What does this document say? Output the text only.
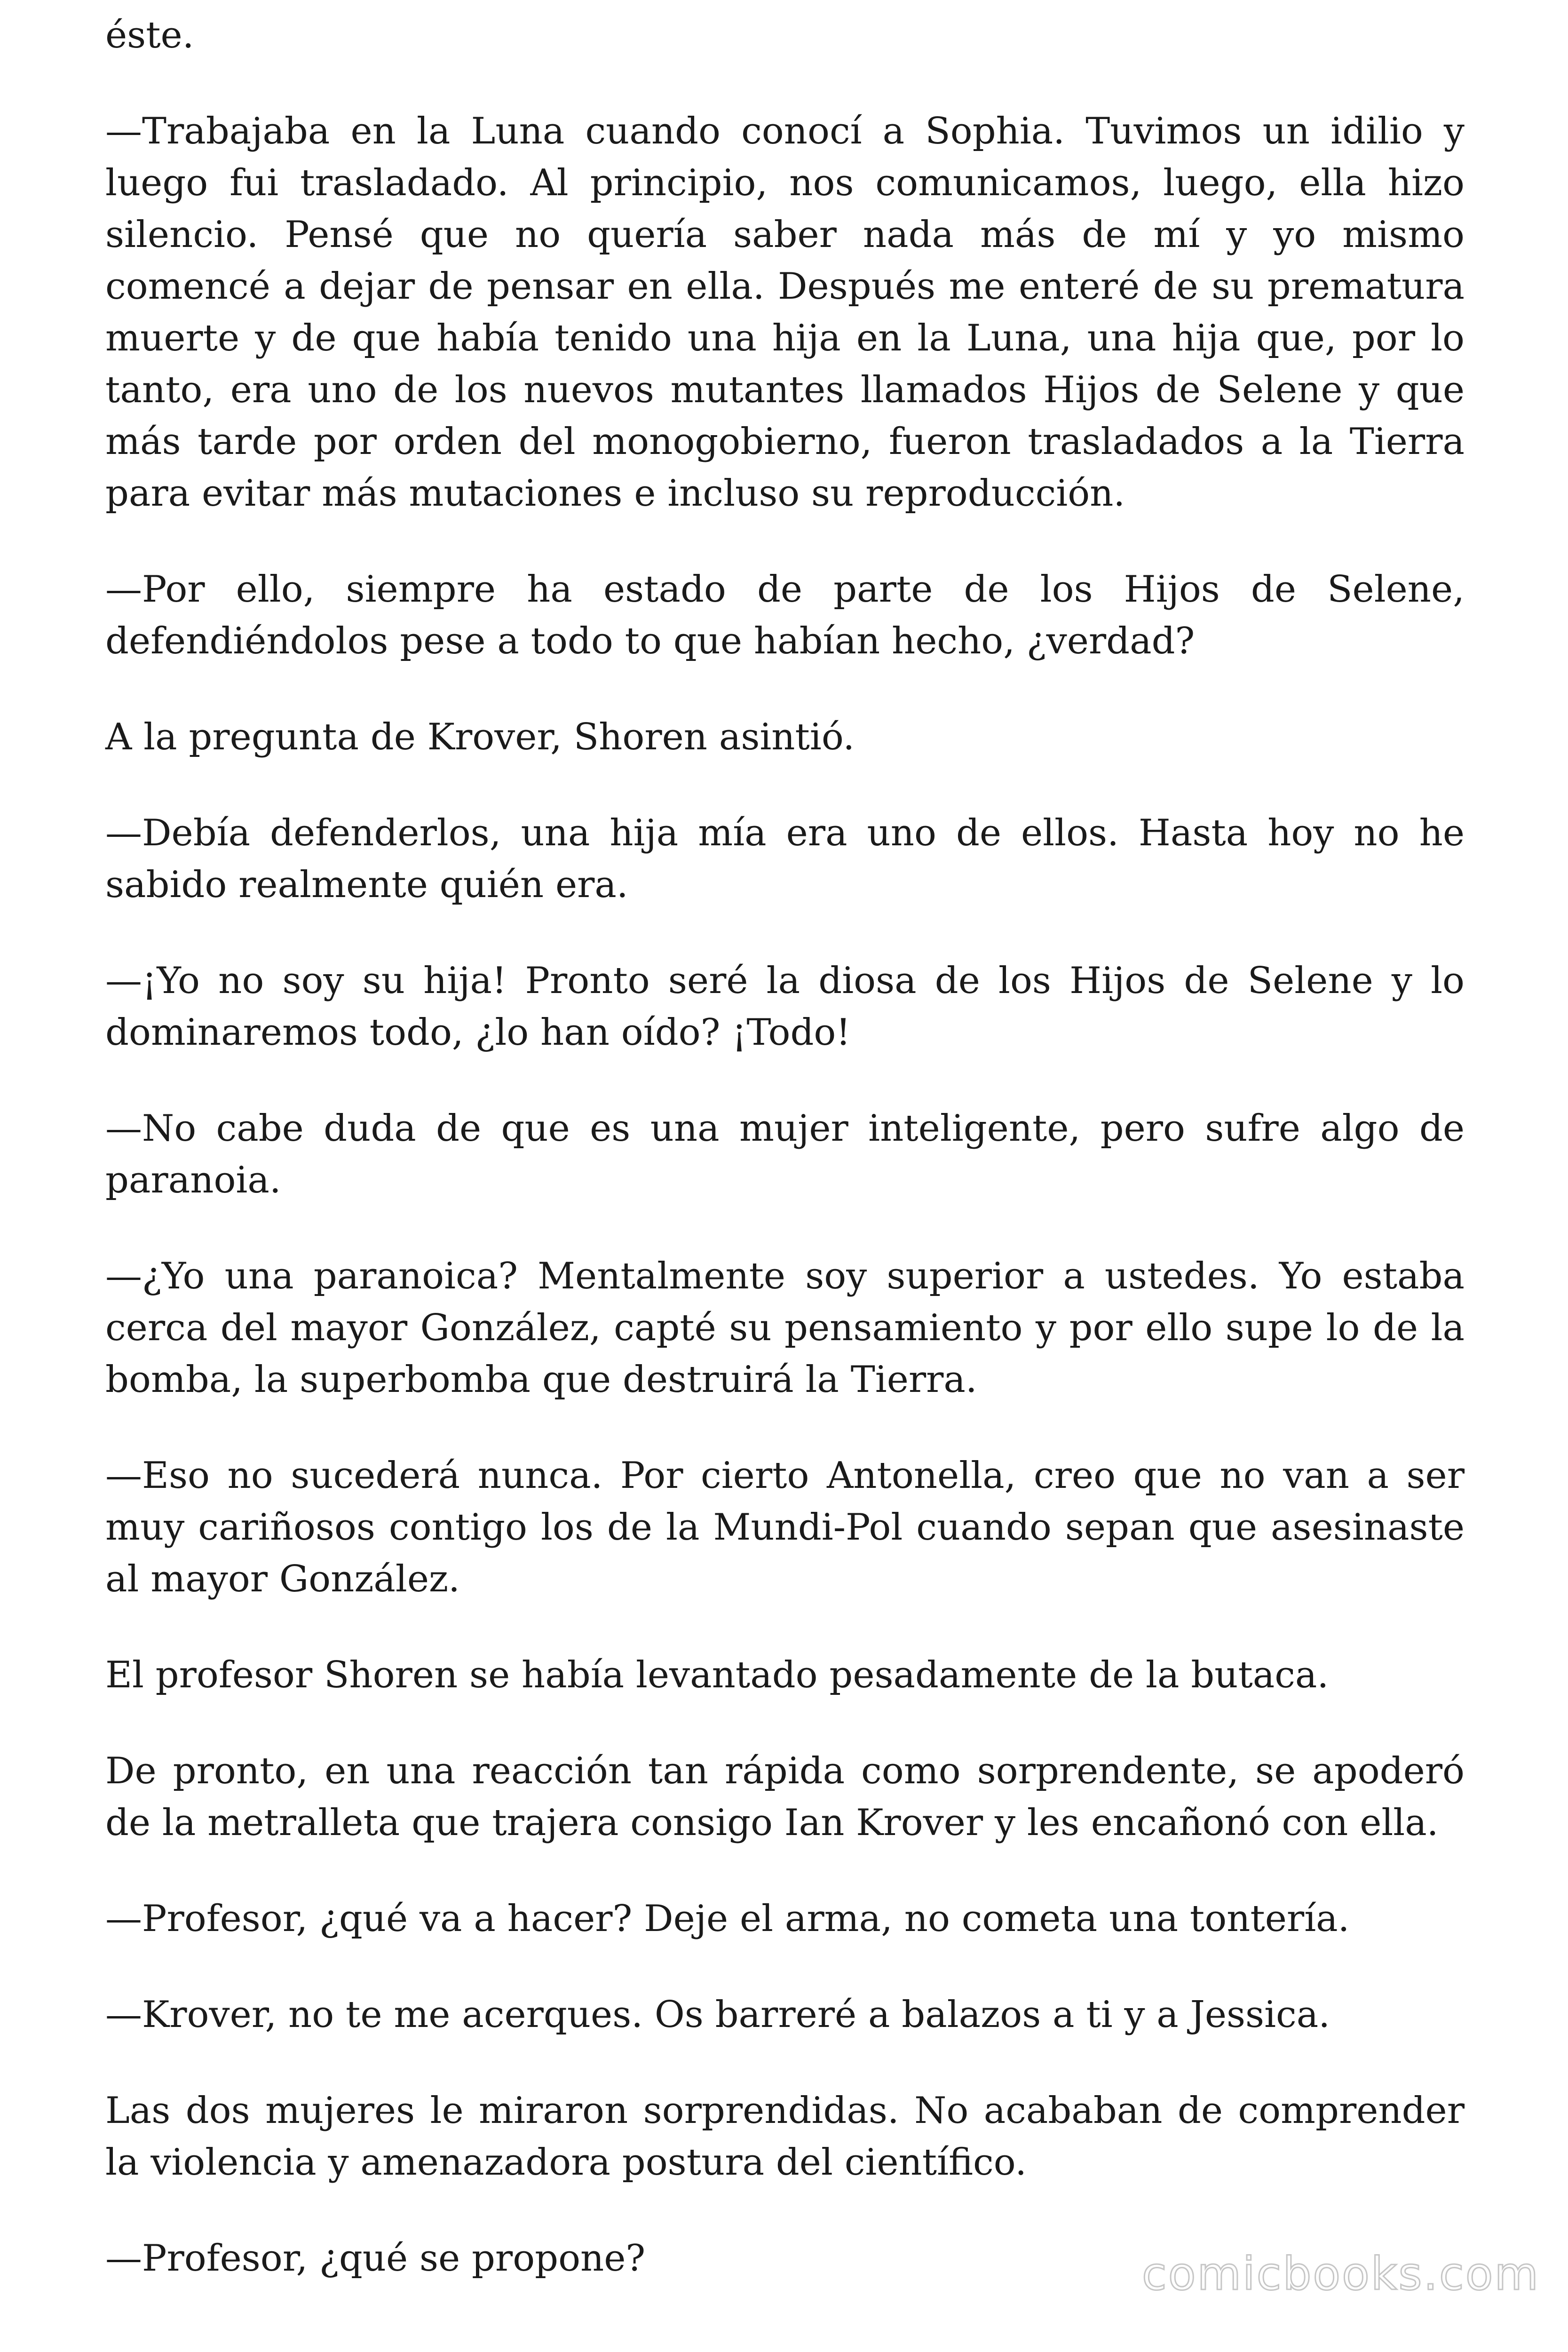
éste.

—Trabajaba en la Luna cuando conocí a Sophia. Tuvimos un idilio y luego fui trasladado. Al principio, nos comunicamos, luego, ella hizo silencio. Pensé que no quería saber nada más de mí y yo mismo comencé a dejar de pensar en ella. Después me enteré de su prematura muerte y de que había tenido una hija en la Luna, una hija que, por lo tanto, era uno de los nuevos mutantes llamados Hijos de Selene y que más tarde por orden del monogobierno, fueron trasladados a la Tierra para evitar más mutaciones e incluso su reproducción.

—Por ello, siempre ha estado de parte de los Hijos de Selene, defendiéndolos pese a todo to que habían hecho, ¿verdad?

A la pregunta de Krover, Shoren asintió.

—Debía defenderlos, una hija mía era uno de ellos. Hasta hoy no he sabido realmente quién era.

—¡Yo no soy su hija! Pronto seré la diosa de los Hijos de Selene y lo dominaremos todo, ¿lo han oído? ¡Todo!

—No cabe duda de que es una mujer inteligente, pero sufre algo de paranoia.

—¿Yo una paranoica? Mentalmente soy superior a ustedes. Yo estaba cerca del mayor González, capté su pensamiento y por ello supe lo de la bomba, la superbomba que destruirá la Tierra.

—Eso no sucederá nunca. Por cierto Antonella, creo que no van a ser muy cariñosos contigo los de la Mundi-Pol cuando sepan que asesinaste al mayor González.

El profesor Shoren se había levantado pesadamente de la butaca.

De pronto, en una reacción tan rápida como sorprendente, se apoderó de la metralleta que trajera consigo Ian Krover y les encañonó con ella.

—Profesor, ¿qué va a hacer? Deje el arma, no cometa una tontería.

—Krover, no te me acerques. Os barreré a balazos a ti y a Jessica.

Las dos mujeres le miraron sorprendidas. No acababan de comprender la violencia y amenazadora postura del científico.

—Profesor, ¿qué se propone?	comicbooks.com
